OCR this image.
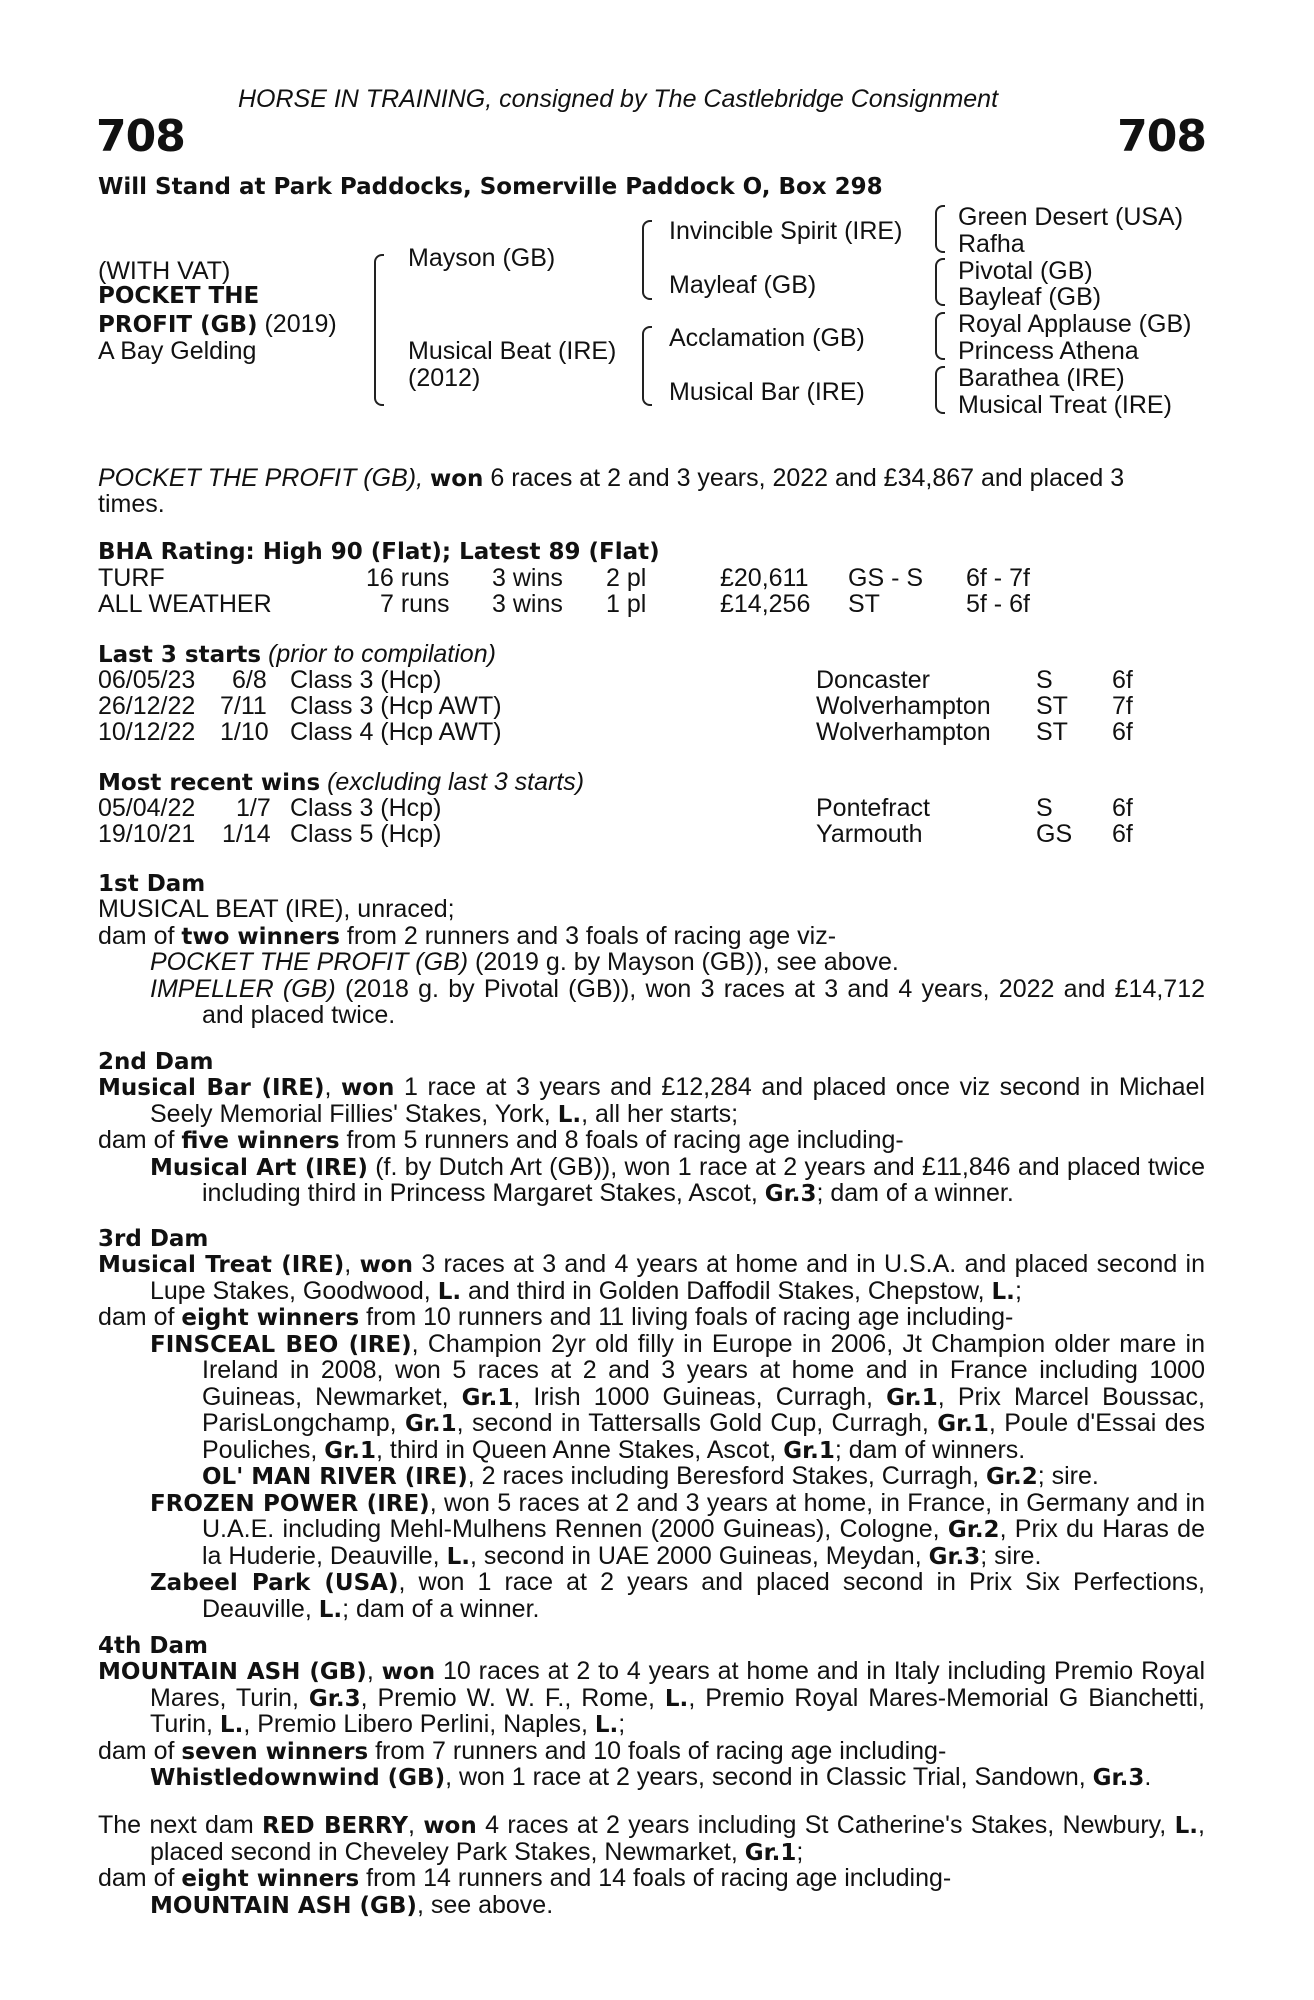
HORSE IN TRAINING, consigned by The Castlebridge Consignment
708	708
Will Stand at Park Paddocks, Somerville Paddock O, Box 298
(WITH VAT)
POCKET THE
PROFIT (GB) (2019)
A Bay Gelding
Mayson (GB)
Musical Beat (IRE)
(2012)
Invincible Spirit (IRE)
Mayleaf (GB)
Acclamation (GB)
Musical Bar (IRE)
Green Desert (USA)
Rafha
Pivotal (GB)
Bayleaf (GB)
Royal Applause (GB)
Princess Athena
Barathea (IRE)
Musical Treat (IRE)
POCKET THE PROFIT (GB), won 6 races at 2 and 3 years, 2022 and £34,867 and placed 3
times.
BHA Rating: High 90 (Flat); Latest 89 (Flat)
TURF	16 runs 3 wins 2 pl	£20,611 GS - S 6f - 7f
ALL WEATHER	7 runs 3 wins 1 pl	£14,256 ST	5f - 6f
Last 3 starts (prior to compilation)
06/05/23 6/8 Class 3 (Hcp)	Doncaster	S 6f
26/12/22 7/11 Class 3 (Hcp AWT)	Wolverhampton ST 7f
10/12/22 1/10 Class 4 (Hcp AWT)	Wolverhampton ST 6f
Most recent wins (excluding last 3 starts)
05/04/22 1/7 Class 3 (Hcp)	Pontefract	S 6f
19/10/21 1/14 Class 5 (Hcp)	Yarmouth	GS 6f
1st Dam
MUSICAL BEAT (IRE), unraced;
dam of two winners from 2 runners and 3 foals of racing age viz-
POCKET THE PROFIT (GB) (2019 g. by Mayson (GB)), see above.
IMPELLER (GB) (2018 g. by Pivotal (GB)), won 3 races at 3 and 4 years, 2022 and £14,712 and placed twice.
2nd Dam
Musical Bar (IRE), won 1 race at 3 years and £12,284 and placed once viz second in Michael Seely Memorial Fillies' Stakes, York, L., all her starts;
dam of five winners from 5 runners and 8 foals of racing age including-
Musical Art (IRE) (f. by Dutch Art (GB)), won 1 race at 2 years and £11,846 and placed twice including third in Princess Margaret Stakes, Ascot, Gr.3; dam of a winner.
3rd Dam
Musical Treat (IRE), won 3 races at 3 and 4 years at home and in U.S.A. and placed second in Lupe Stakes, Goodwood, L. and third in Golden Daffodil Stakes, Chepstow, L.;
dam of eight winners from 10 runners and 11 living foals of racing age including-
FINSCEAL BEO (IRE), Champion 2yr old filly in Europe in 2006, Jt Champion older mare in Ireland in 2008, won 5 races at 2 and 3 years at home and in France including 1000 Guineas, Newmarket, Gr.1, Irish 1000 Guineas, Curragh, Gr.1, Prix Marcel Boussac, ParisLongchamp, Gr.1, second in Tattersalls Gold Cup, Curragh, Gr.1, Poule d'Essai des Pouliches, Gr.1, third in Queen Anne Stakes, Ascot, Gr.1; dam of winners.
OL' MAN RIVER (IRE), 2 races including Beresford Stakes, Curragh, Gr.2; sire.
FROZEN POWER (IRE), won 5 races at 2 and 3 years at home, in France, in Germany and in U.A.E. including Mehl-Mulhens Rennen (2000 Guineas), Cologne, Gr.2, Prix du Haras de la Huderie, Deauville, L., second in UAE 2000 Guineas, Meydan, Gr.3; sire.
Zabeel Park (USA), won 1 race at 2 years and placed second in Prix Six Perfections, Deauville, L.; dam of a winner.
4th Dam
MOUNTAIN ASH (GB), won 10 races at 2 to 4 years at home and in Italy including Premio Royal Mares, Turin, Gr.3, Premio W. W. F., Rome, L., Premio Royal Mares-Memorial G Bianchetti, Turin, L., Premio Libero Perlini, Naples, L.;
dam of seven winners from 7 runners and 10 foals of racing age including-
Whistledownwind (GB), won 1 race at 2 years, second in Classic Trial, Sandown, Gr.3.
The next dam RED BERRY, won 4 races at 2 years including St Catherine's Stakes, Newbury, L., placed second in Cheveley Park Stakes, Newmarket, Gr.1;
dam of eight winners from 14 runners and 14 foals of racing age including-
MOUNTAIN ASH (GB), see above.
